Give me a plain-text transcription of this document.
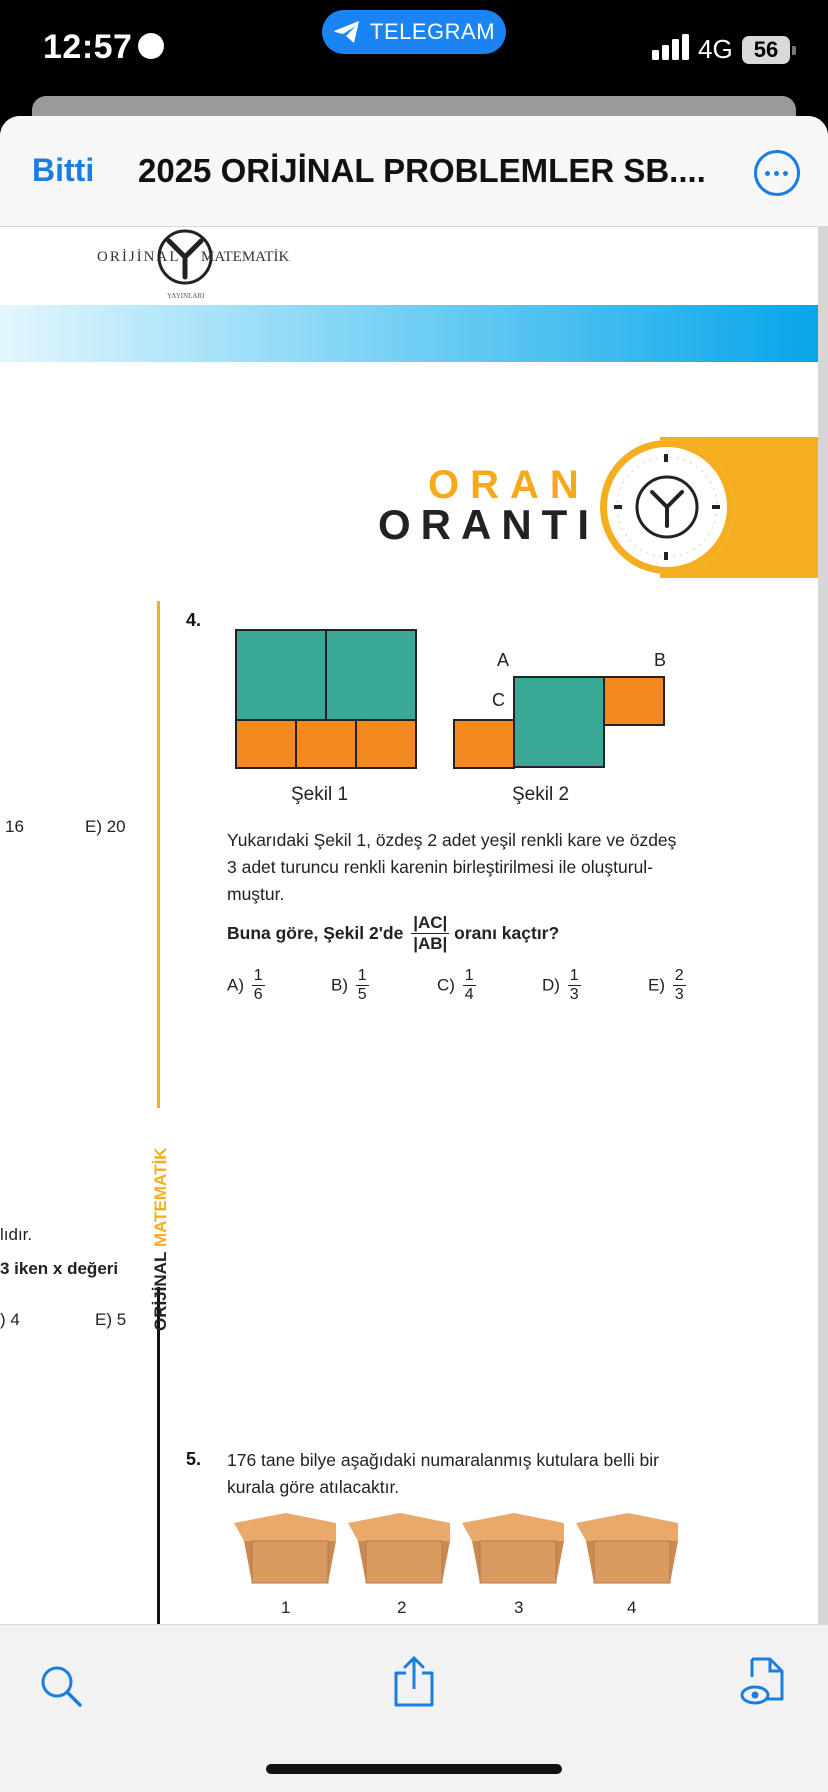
12:57	TELEGRAM
4G 56
Bitti 2025 ORİJİNAL PROBLEMLER SB....
ORİJİNAL MATEMATİK
YAYINLARI
ORAN
ORANTI
ORİJİNAL
MATEMATİK
16	E) 20
lıdır.
3 iken x değeri
) 4	E) 5
4.
A	B
C
Şekil 1	Şekil 2
Yukarıdaki Şekil 1, özdeş 2 adet yeşil renkli kare ve özdeş
3 adet turuncu renkli karenin birleştirilmesi ile oluşturul-
muştur.
Buna göre, Şekil $2'de \frac{|AC|}{|AB|}$ oranı kaçtır?
$A) \frac{1}{6}$	$B) \frac{1}{5}$	$C) \frac{1}{4}$	$D) \frac{1}{3}$	$E) \frac{2}{3}$
5. 176 tane bilye aşağıdaki numaralanmış kutulara belli bir
kurala göre atılacaktır.
1	2	3	4
